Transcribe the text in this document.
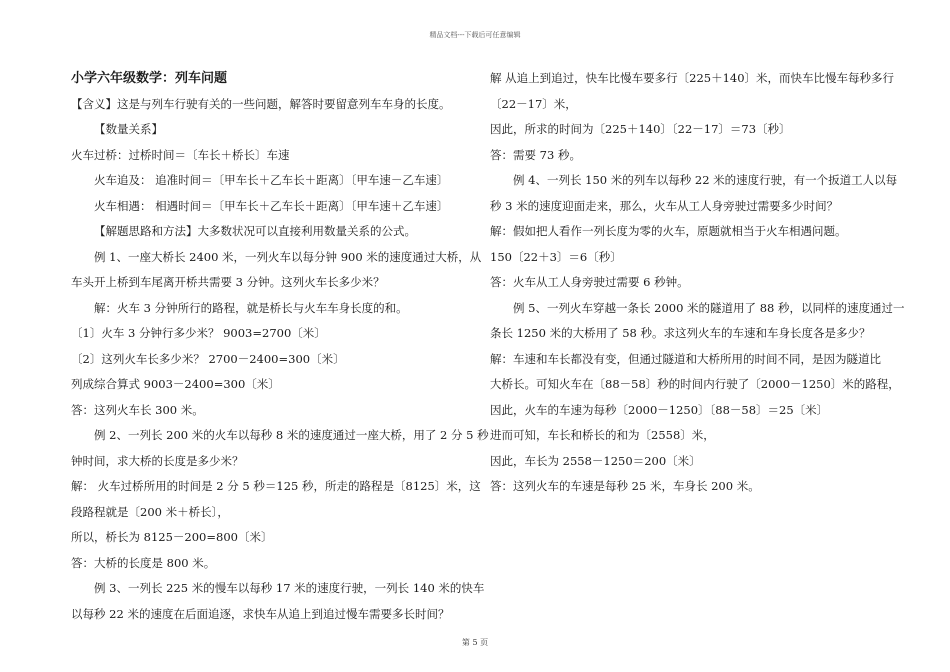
精品文档---下载后可任意编辑
小学六年级数学：列车问题
【含义】这是与列车行驶有关的一些问题，解答时要留意列车车身的长度。
【数量关系】
火车过桥：过桥时间＝〔车长＋桥长〕车速
火车追及： 追准时间＝〔甲车长＋乙车长＋距离〕〔甲车速－乙车速〕
火车相遇： 相遇时间＝〔甲车长＋乙车长＋距离〕〔甲车速＋乙车速〕
【解题思路和方法】大多数状况可以直接利用数量关系的公式。
例 1、一座大桥长 2400 米，一列火车以每分钟 900 米的速度通过大桥，从
车头开上桥到车尾离开桥共需要 3 分钟。这列火车长多少米？
解：火车 3 分钟所行的路程，就是桥长与火车车身长度的和。
〔1〕火车 3 分钟行多少米？ 9003=2700〔米〕
〔2〕这列火车长多少米？ 2700－2400=300〔米〕
列成综合算式 9003－2400=300〔米〕
答：这列火车长 300 米。
例 2、一列长 200 米的火车以每秒 8 米的速度通过一座大桥，用了 2 分 5 秒
钟时间，求大桥的长度是多少米？
解： 火车过桥所用的时间是 2 分 5 秒＝125 秒，所走的路程是〔8125〕米，这
段路程就是〔200 米＋桥长〕，
所以，桥长为 8125－200=800〔米〕
答：大桥的长度是 800 米。
例 3、一列长 225 米的慢车以每秒 17 米的速度行驶，一列长 140 米的快车
以每秒 22 米的速度在后面追逐，求快车从追上到追过慢车需要多长时间？
解 从追上到追过，快车比慢车要多行〔225＋140〕米，而快车比慢车每秒多行
〔22－17〕米，
因此，所求的时间为〔225＋140〕〔22－17〕＝73〔秒〕
答：需要 73 秒。
例 4、一列长 150 米的列车以每秒 22 米的速度行驶，有一个扳道工人以每
秒 3 米的速度迎面走来，那么，火车从工人身旁驶过需要多少时间？
解：假如把人看作一列长度为零的火车，原题就相当于火车相遇问题。
150〔22＋3〕＝6〔秒〕
答：火车从工人身旁驶过需要 6 秒钟。
例 5、一列火车穿越一条长 2000 米的隧道用了 88 秒，以同样的速度通过一
条长 1250 米的大桥用了 58 秒。求这列火车的车速和车身长度各是多少？
解：车速和车长都没有变，但通过隧道和大桥所用的时间不同，是因为隧道比
大桥长。可知火车在〔88－58〕秒的时间内行驶了〔2000－1250〕米的路程，
因此，火车的车速为每秒〔2000－1250〕〔88－58〕＝25〔米〕
进而可知，车长和桥长的和为〔2558〕米，
因此，车长为 2558－1250＝200〔米〕
答：这列火车的车速是每秒 25 米，车身长 200 米。
第 5 页
